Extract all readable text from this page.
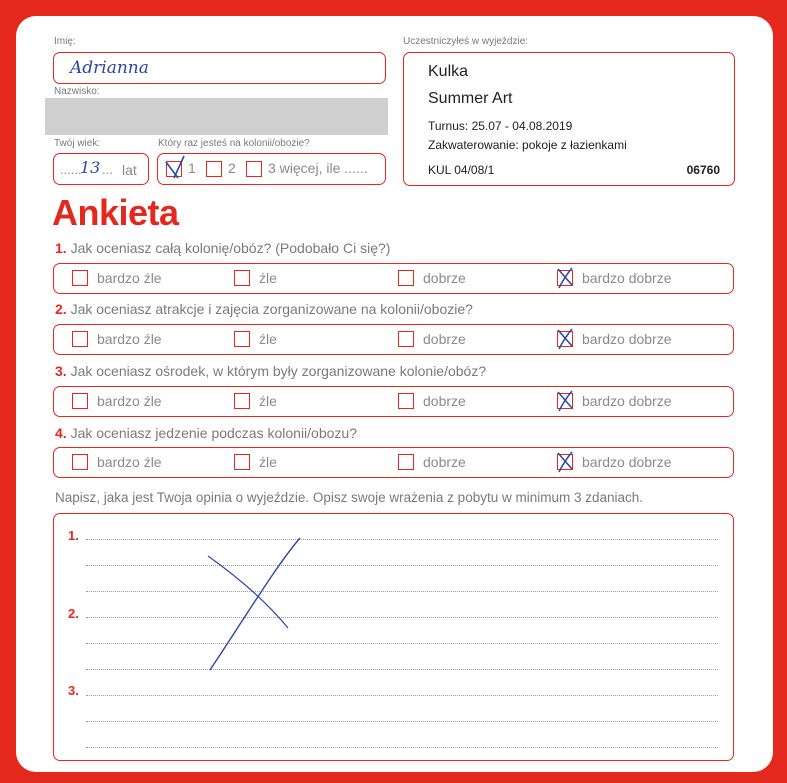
Imię:
Adrianna
Nazwisko:
Twój wiek:
......
13 ... lat
Który raz jesteś na kolonii/obozie?
1 2 3 więcej, ile ......
Uczestniczyłeś w wyjeździe:
Kulka
Summer Art
Turnus: 25.07 - 04.08.2019
Zakwaterowanie: pokoje z łazienkami
KUL 04/08/1	06760
Ankieta
1. Jak oceniasz całą kolonię/obóz? (Podobało Ci się?)
bardzo źle	źle	dobrze	bardzo dobrze
2. Jak oceniasz atrakcje i zajęcia zorganizowane na kolonii/obozie?
bardzo źle	źle	dobrze	bardzo dobrze
3. Jak oceniasz ośrodek, w którym były zorganizowane kolonie/obóz?
bardzo źle	źle	dobrze	bardzo dobrze
4. Jak oceniasz jedzenie podczas kolonii/obozu?
bardzo źle	źle	dobrze	bardzo dobrze
Napisz, jaka jest Twoja opinia o wyjeździe. Opisz swoje wrażenia z pobytu w minimum 3 zdaniach.
1.
2.
3.
